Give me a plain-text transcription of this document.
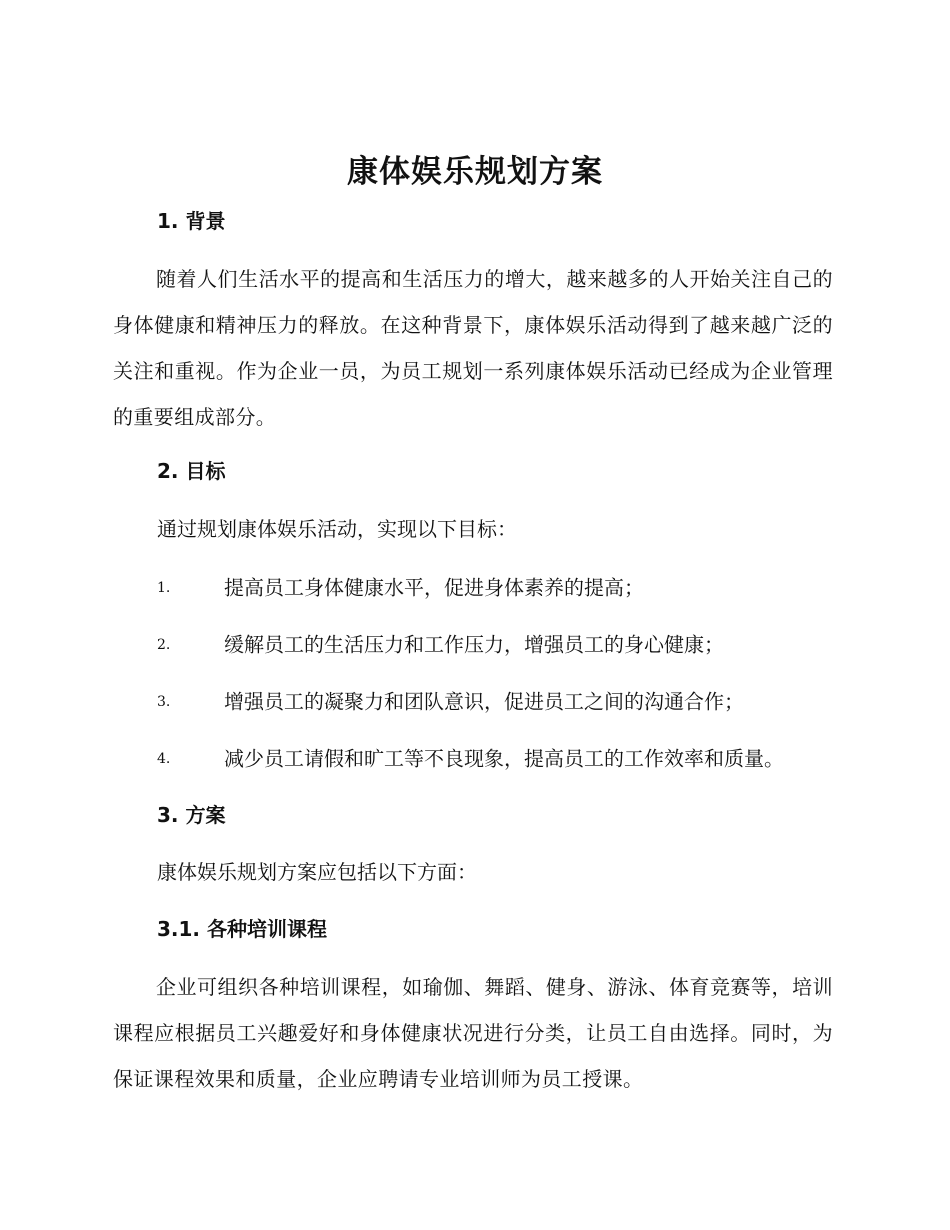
康体娱乐规划方案
1. 背景
随着人们生活水平的提高和生活压力的增大，越来越多的人开始关注自己的身体健康和精神压力的释放。在这种背景下，康体娱乐活动得到了越来越广泛的关注和重视。作为企业一员，为员工规划一系列康体娱乐活动已经成为企业管理的重要组成部分。
2. 目标
通过规划康体娱乐活动，实现以下目标：
1.	提高员工身体健康水平，促进身体素养的提高；
2.	缓解员工的生活压力和工作压力，增强员工的身心健康；
3.	增强员工的凝聚力和团队意识，促进员工之间的沟通合作；
4.	减少员工请假和旷工等不良现象，提高员工的工作效率和质量。
3. 方案
康体娱乐规划方案应包括以下方面：
3.1. 各种培训课程
企业可组织各种培训课程，如瑜伽、舞蹈、健身、游泳、体育竞赛等，培训课程应根据员工兴趣爱好和身体健康状况进行分类，让员工自由选择。同时，为保证课程效果和质量，企业应聘请专业培训师为员工授课。
